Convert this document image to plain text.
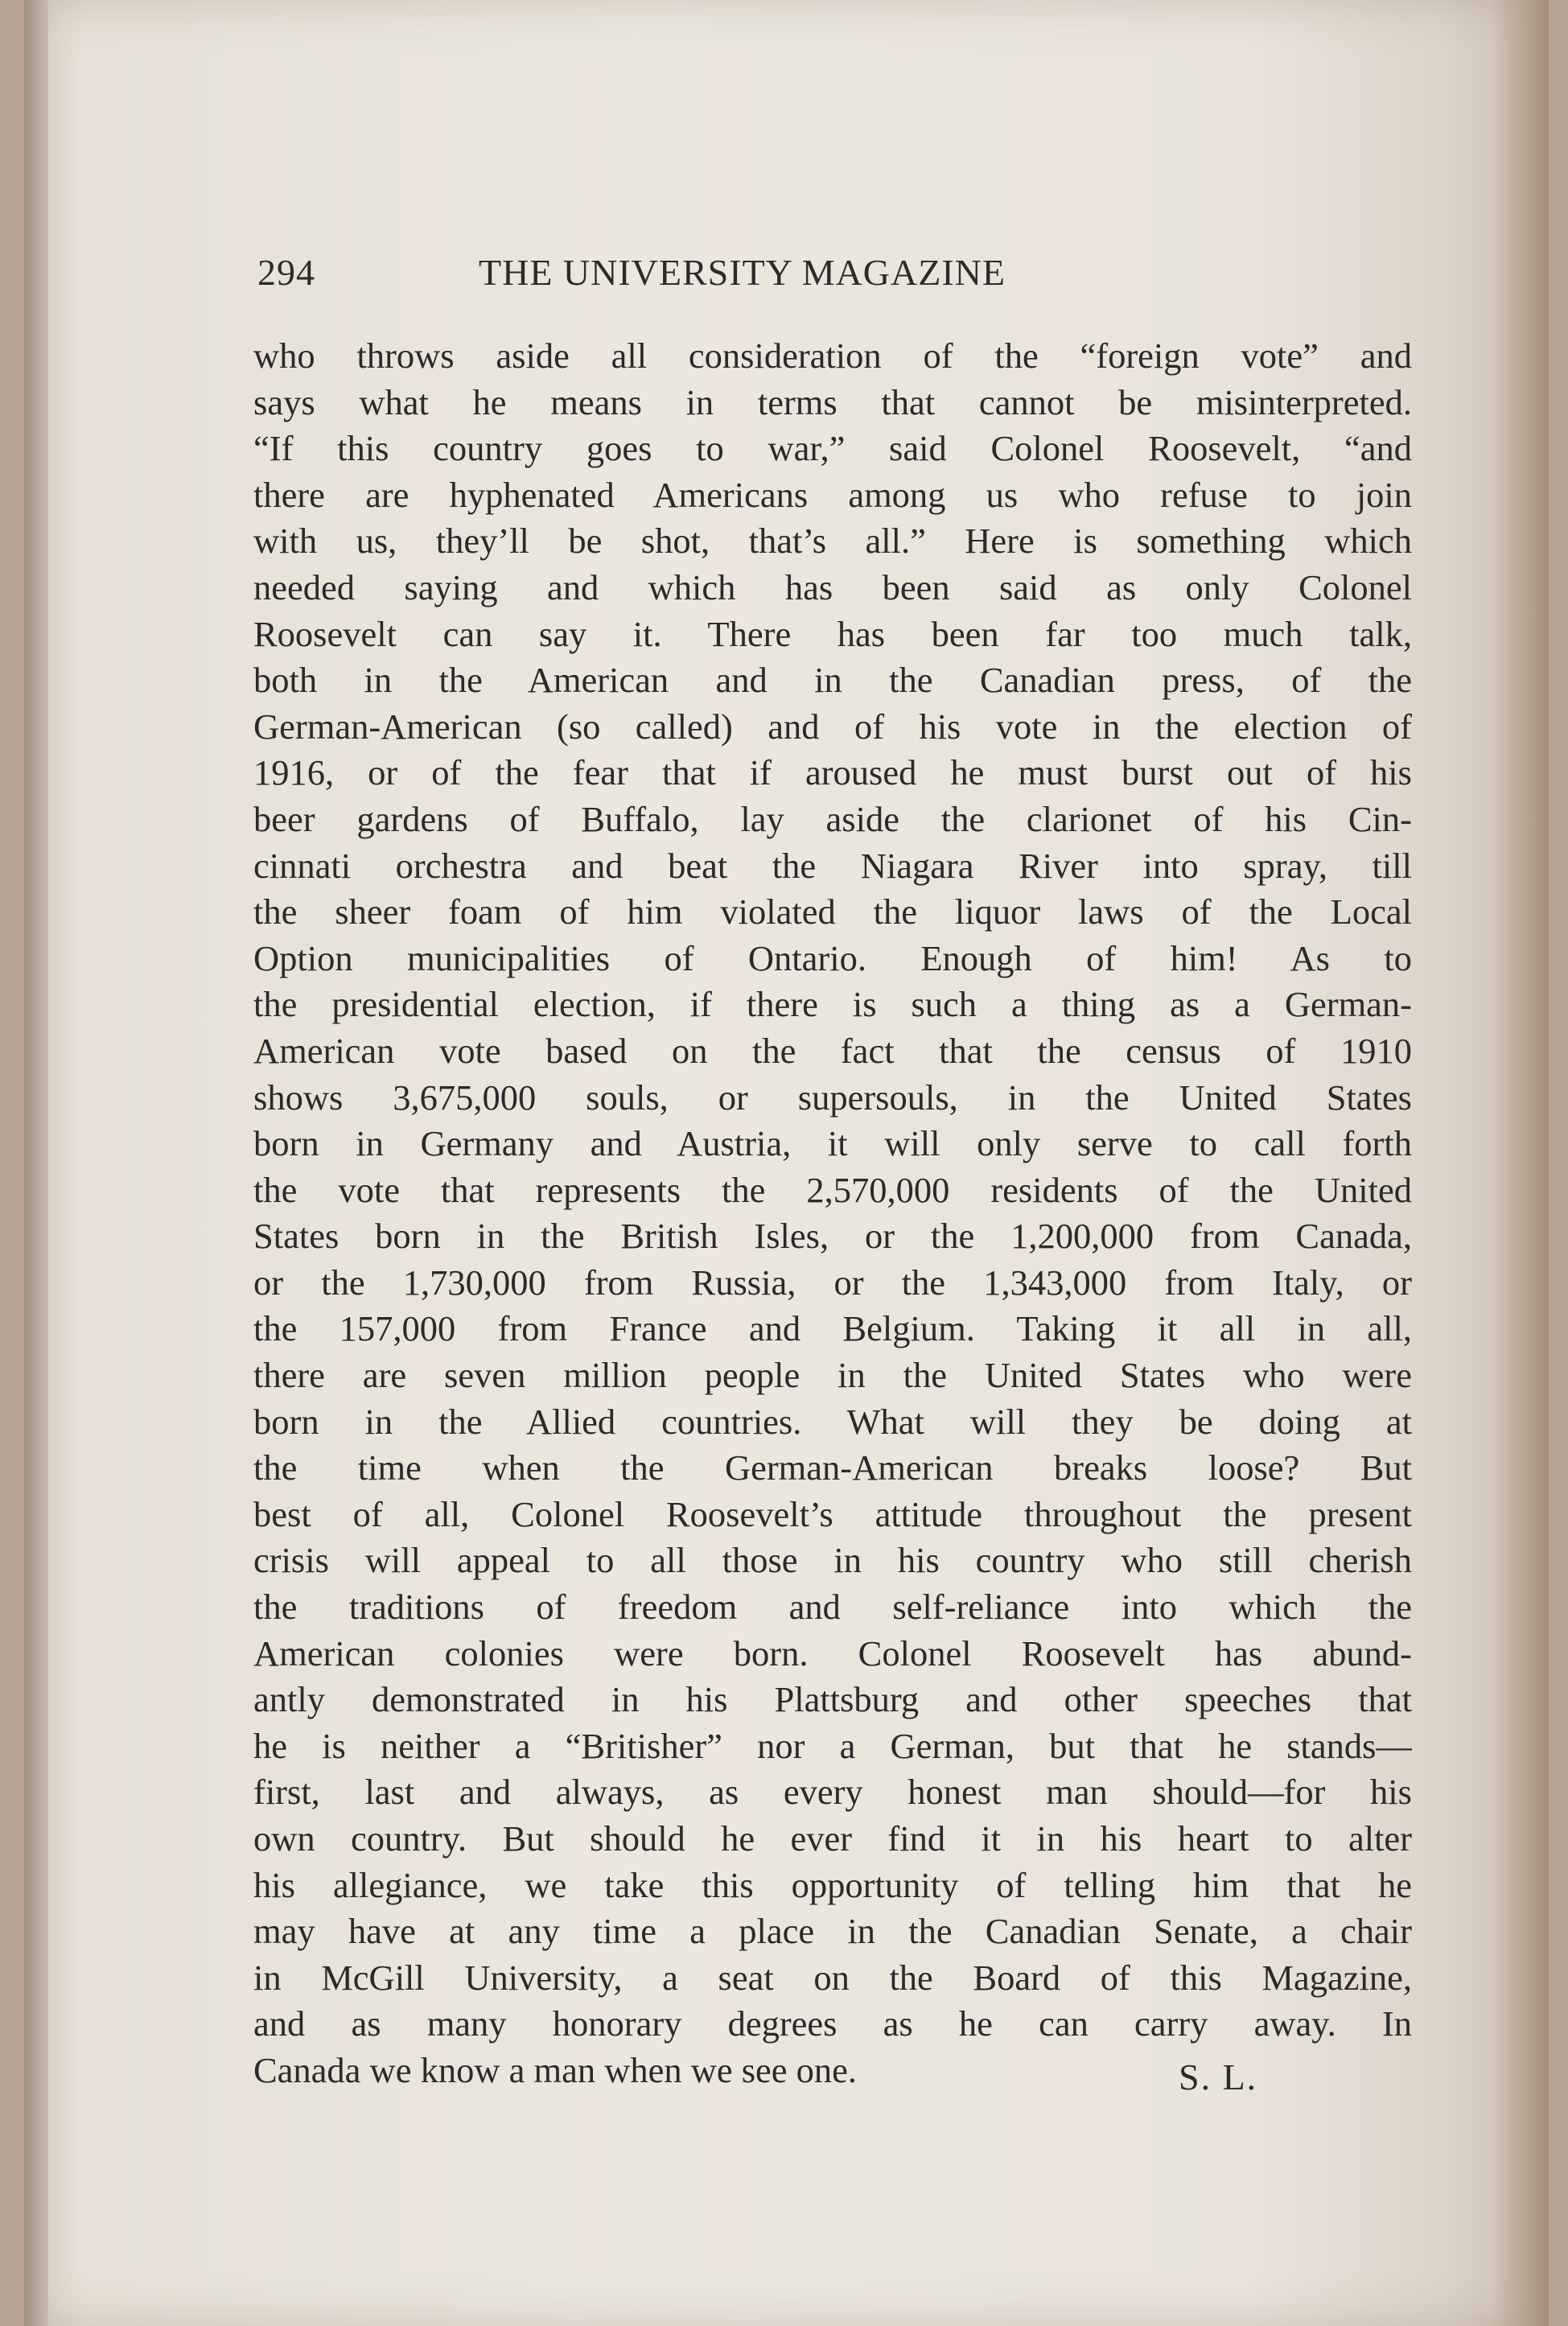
294	THE UNIVERSITY MAGAZINE
who throws aside all consideration of the “foreign vote” and
says what he means in terms that cannot be misinterpreted.
“If this country goes to war,” said Colonel Roosevelt, “and
there are hyphenated Americans among us who refuse to join
with us, they’ll be shot, that’s all.” Here is something which
needed saying and which has been said as only Colonel
Roosevelt can say it. There has been far too much talk,
both in the American and in the Canadian press, of the
German-American (so called) and of his vote in the election of
1916, or of the fear that if aroused he must burst out of his
beer gardens of Buffalo, lay aside the clarionet of his Cin-
cinnati orchestra and beat the Niagara River into spray, till
the sheer foam of him violated the liquor laws of the Local
Option municipalities of Ontario. Enough of him! As to
the presidential election, if there is such a thing as a German-
American vote based on the fact that the census of 1910
shows 3,675,000 souls, or supersouls, in the United States
born in Germany and Austria, it will only serve to call forth
the vote that represents the 2,570,000 residents of the United
States born in the British Isles, or the 1,200,000 from Canada,
or the 1,730,000 from Russia, or the 1,343,000 from Italy, or
the 157,000 from France and Belgium. Taking it all in all,
there are seven million people in the United States who were
born in the Allied countries. What will they be doing at
the time when the German-American breaks loose? But
best of all, Colonel Roosevelt’s attitude throughout the present
crisis will appeal to all those in his country who still cherish
the traditions of freedom and self-reliance into which the
American colonies were born. Colonel Roosevelt has abund-
antly demonstrated in his Plattsburg and other speeches that
he is neither a “Britisher” nor a German, but that he stands—
first, last and always, as every honest man should—for his
own country. But should he ever find it in his heart to alter
his allegiance, we take this opportunity of telling him that he
may have at any time a place in the Canadian Senate, a chair
in McGill University, a seat on the Board of this Magazine,
and as many honorary degrees as he can carry away. In
Canada we know a man when we see one.	S. L.
